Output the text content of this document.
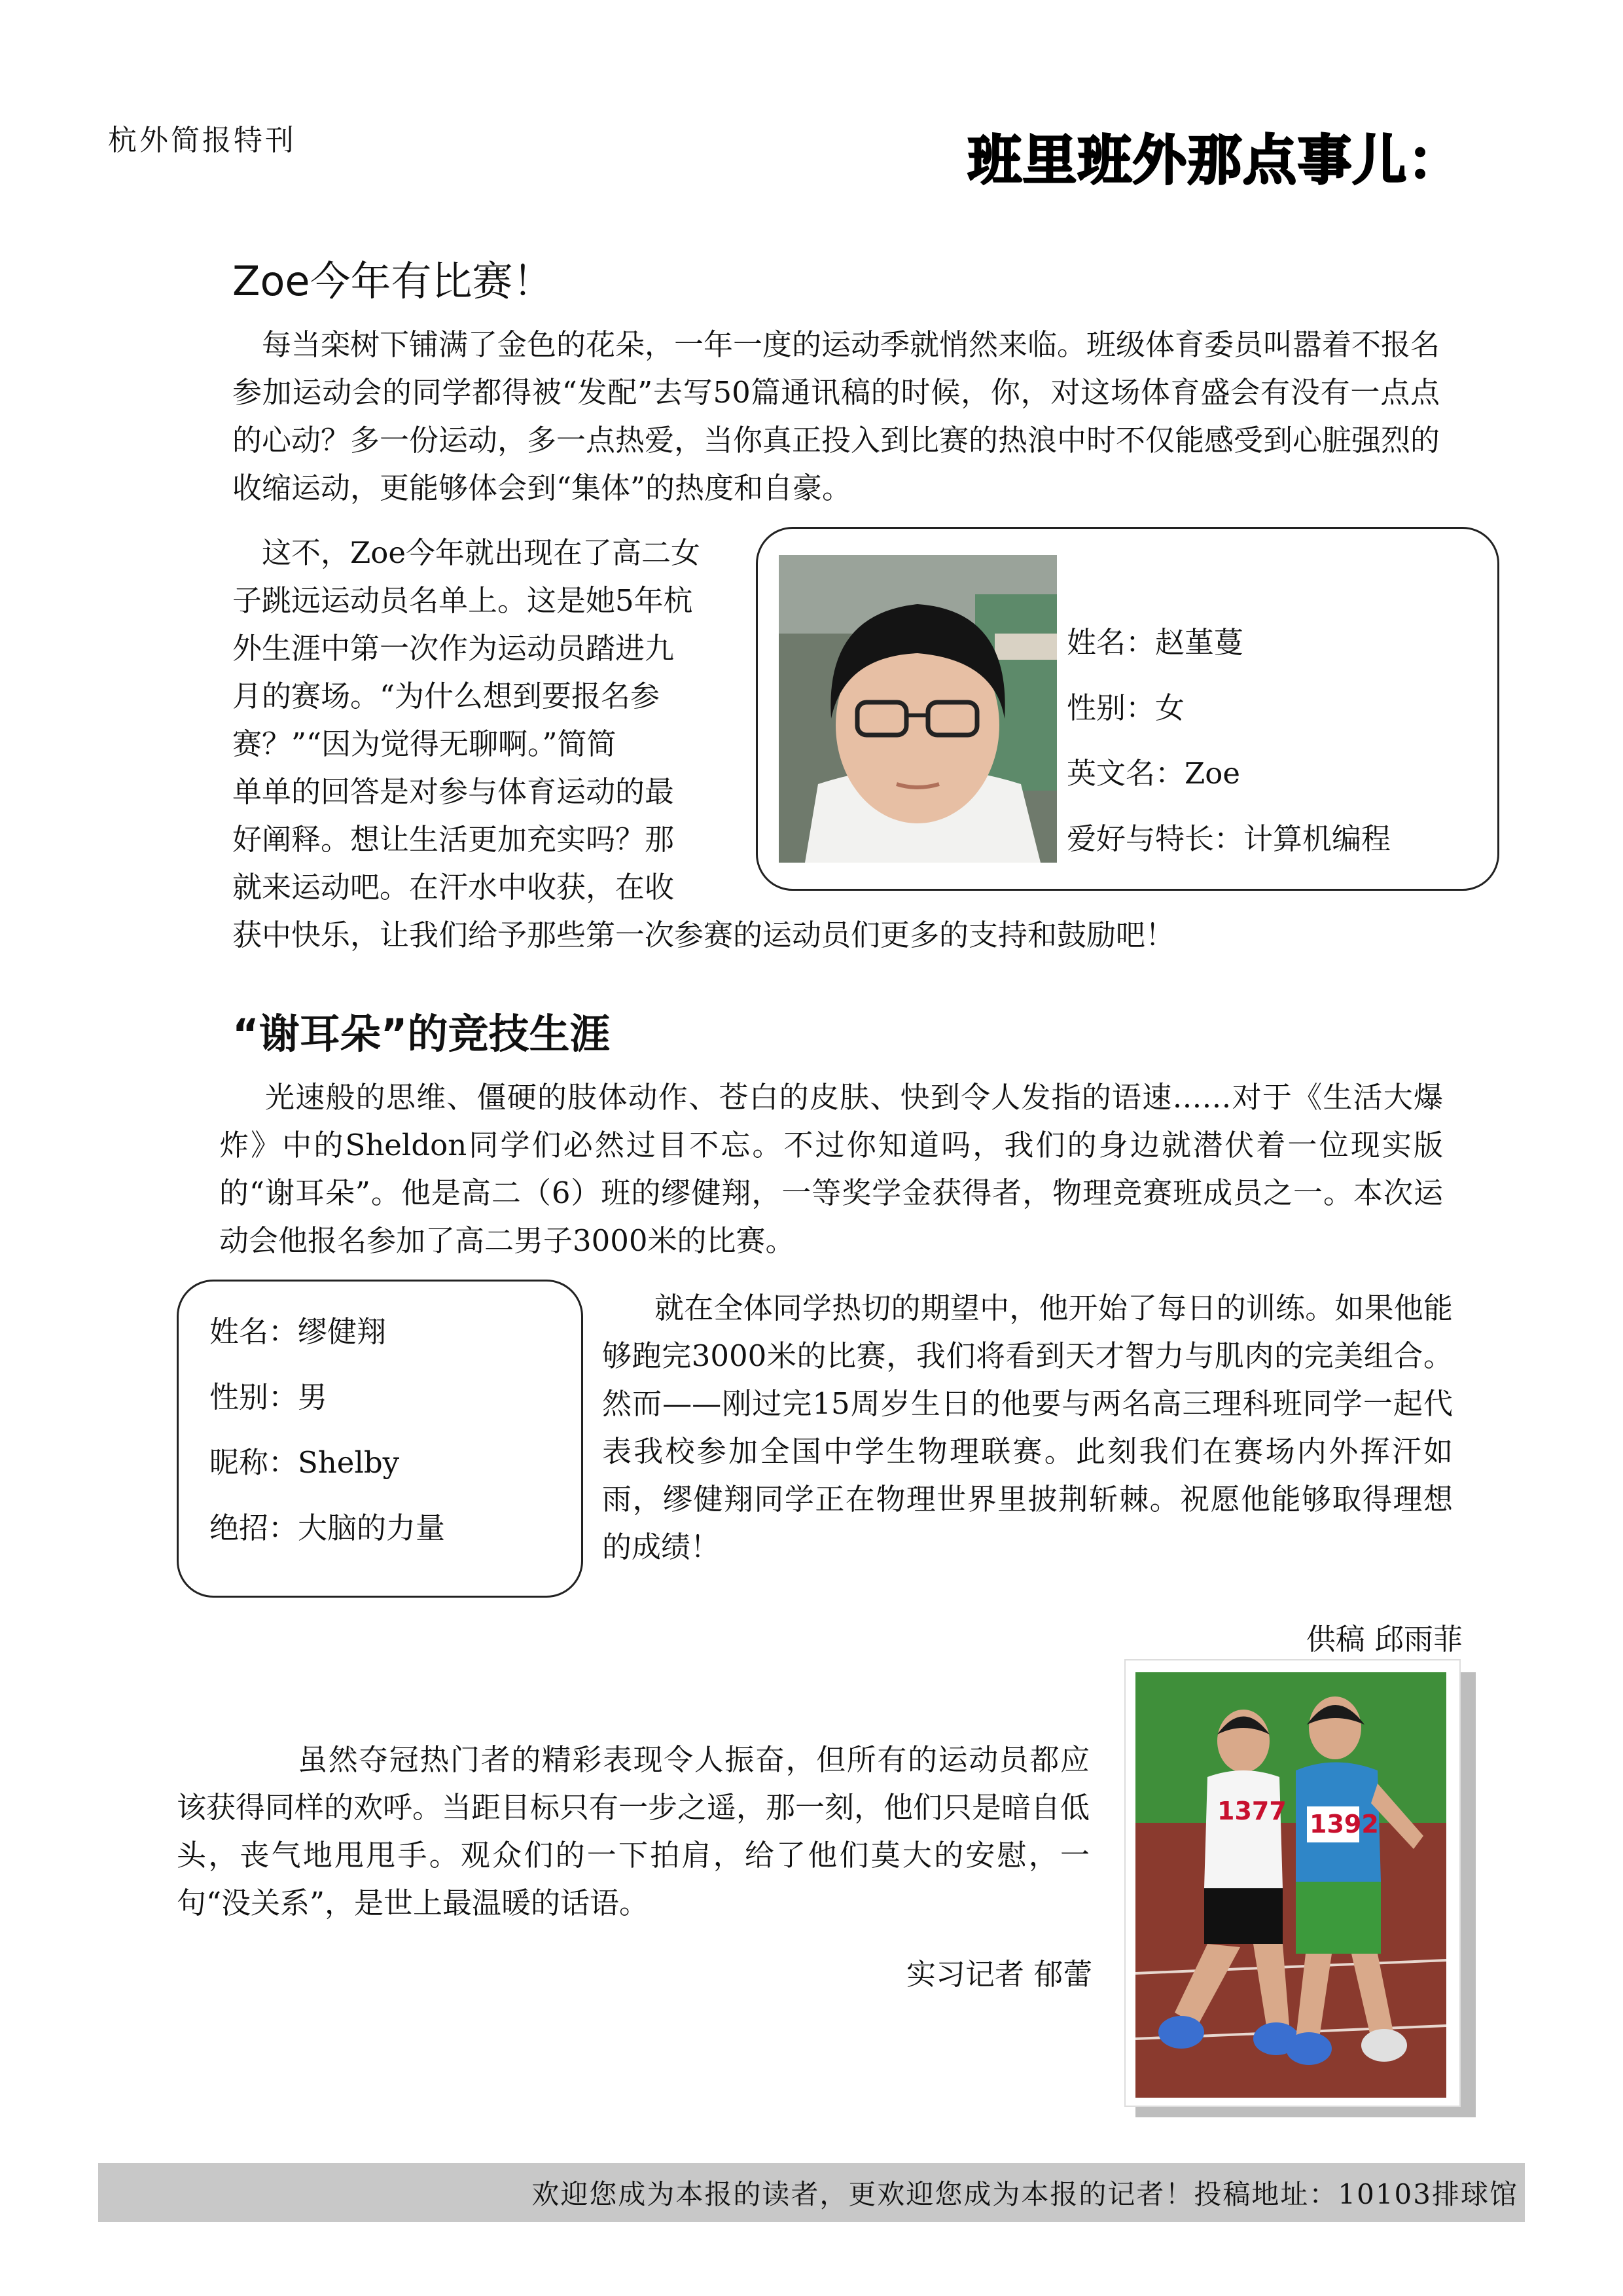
杭外简报特刊	班里班外那点事儿：
Zoe今年有比赛！

每当栾树下铺满了金色的花朵，一年一度的运动季就悄然来临。班级体育委员叫嚣着不报名参加运动会的同学都得被“发配”去写50篇通讯稿的时候，你，对这场体育盛会有没有一点点的心动？多一份运动，多一点热爱，当你真正投入到比赛的热浪中时不仅能感受到心脏强烈的收缩运动，更能够体会到“集体”的热度和自豪。

这不，Zoe今年就出现在了高二女
子跳远运动员名单上。这是她5年杭
外生涯中第一次作为运动员踏进九
月的赛场。“为什么想到要报名参
赛？”“因为觉得无聊啊。”简简
单单的回答是对参与体育运动的最
好阐释。想让生活更加充实吗？那
就来运动吧。在汗水中收获，在收
获中快乐，让我们给予那些第一次参赛的运动员们更多的支持和鼓励吧！
姓名：赵堇蔓
性别：女
英文名：Zoe
爱好与特长：计算机编程
“谢耳朵”的竞技生涯

光速般的思维、僵硬的肢体动作、苍白的皮肤、快到令人发指的语速……对于《生活大爆炸》中的Sheldon同学们必然过目不忘。不过你知道吗，我们的身边就潜伏着一位现实版的“谢耳朵”。他是高二（6）班的缪健翔，一等奖学金获得者，物理竞赛班成员之一。本次运动会他报名参加了高二男子3000米的比赛。

姓名：缪健翔
性别：男
昵称：Shelby
绝招：大脑的力量

就在全体同学热切的期望中，他开始了每日的训练。如果他能够跑完3000米的比赛，我们将看到天才智力与肌肉的完美组合。然而——刚过完15周岁生日的他要与两名高三理科班同学一起代表我校参加全国中学生物理联赛。此刻我们在赛场内外挥汗如雨，缪健翔同学正在物理世界里披荆斩棘。祝愿他能够取得理想的成绩！

供稿 邱雨菲

虽然夺冠热门者的精彩表现令人振奋，但所有的运动员都应该获得同样的欢呼。当距目标只有一步之遥，那一刻，他们只是暗自低头，丧气地甩甩手。观众们的一下拍肩，给了他们莫大的安慰，一句“没关系”，是世上最温暖的话语。

实习记者 郁蕾
1377 1392
欢迎您成为本报的读者，更欢迎您成为本报的记者！投稿地址：10103排球馆
